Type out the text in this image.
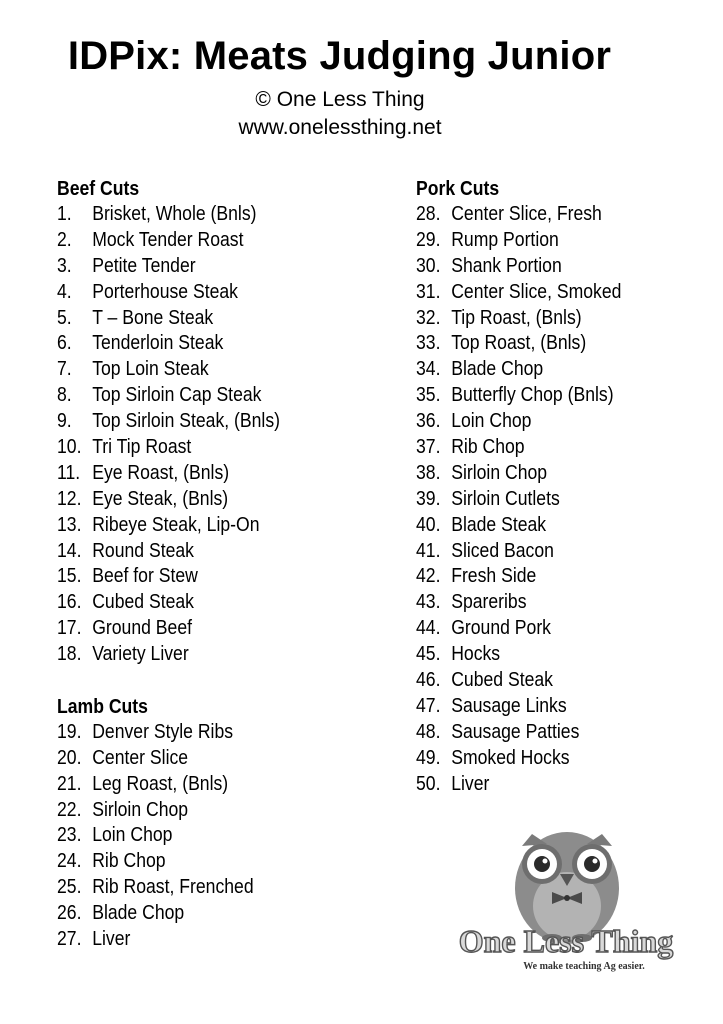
IDPix: Meats Judging Junior
© One Less Thing
www.onelessthing.net
Beef Cuts
1.	Brisket, Whole (Bnls)
2.	Mock Tender Roast
3.	Petite Tender
4.	Porterhouse Steak
5.	T – Bone Steak
6.	Tenderloin Steak
7.	Top Loin Steak
8.	Top Sirloin Cap Steak
9.	Top Sirloin Steak, (Bnls)
10. Tri Tip Roast
11. Eye Roast, (Bnls)
12. Eye Steak, (Bnls)
13. Ribeye Steak, Lip-On
14. Round Steak
15. Beef for Stew
16. Cubed Steak
17. Ground Beef
18. Variety Liver
Lamb Cuts
19. Denver Style Ribs
20. Center Slice
21. Leg Roast, (Bnls)
22. Sirloin Chop
23. Loin Chop
24. Rib Chop
25. Rib Roast, Frenched
26. Blade Chop
27. Liver
Pork Cuts
28. Center Slice, Fresh
29. Rump Portion
30. Shank Portion
31. Center Slice, Smoked
32. Tip Roast, (Bnls)
33. Top Roast, (Bnls)
34. Blade Chop
35. Butterfly Chop (Bnls)
36. Loin Chop
37. Rib Chop
38. Sirloin Chop
39. Sirloin Cutlets
40. Blade Steak
41. Sliced Bacon
42. Fresh Side
43. Spareribs
44. Ground Pork
45. Hocks
46. Cubed Steak
47. Sausage Links
48. Sausage Patties
49. Smoked Hocks
50. Liver
One Less Thing
We make teaching Ag easier.
